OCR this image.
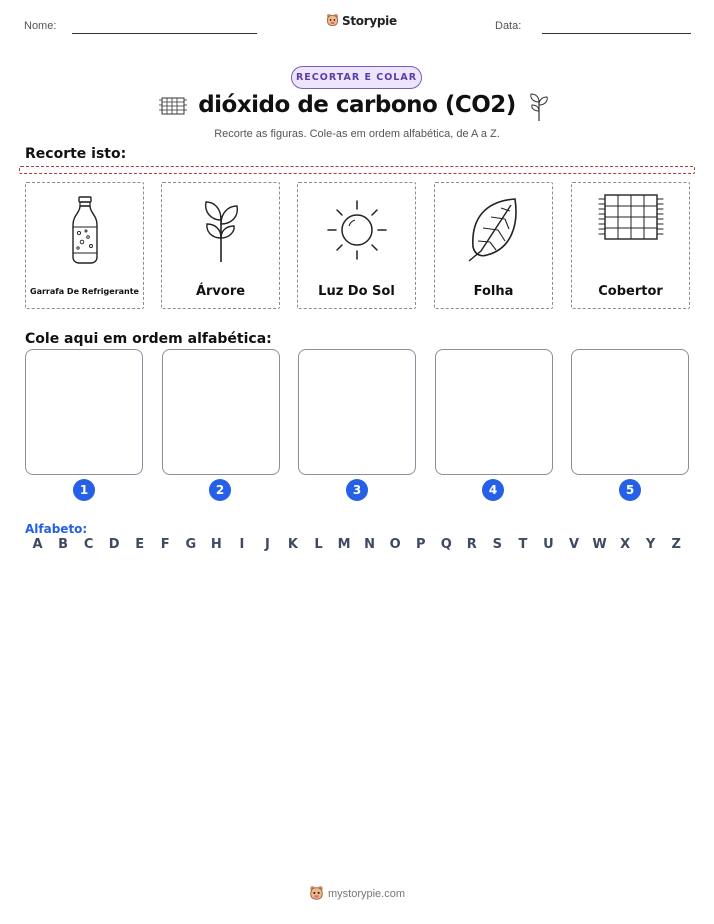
Nome:	Storypie	Data:
RECORTAR E COLAR
dióxido de carbono (CO2)
Recorte as figuras. Cole-as em ordem alfabética, de A a Z.
Recorte isto:
Garrafa De Refrigerante	Árvore	Luz Do Sol	Folha	Cobertor
Cole aqui em ordem alfabética:
1	2	3	4	5
Alfabeto:
A	B	C	D	E	F	G	H	I	J	K	L	M	N	O	P	Q	R	S	T	U	V	W	X	Y	Z
mystorypie.com
